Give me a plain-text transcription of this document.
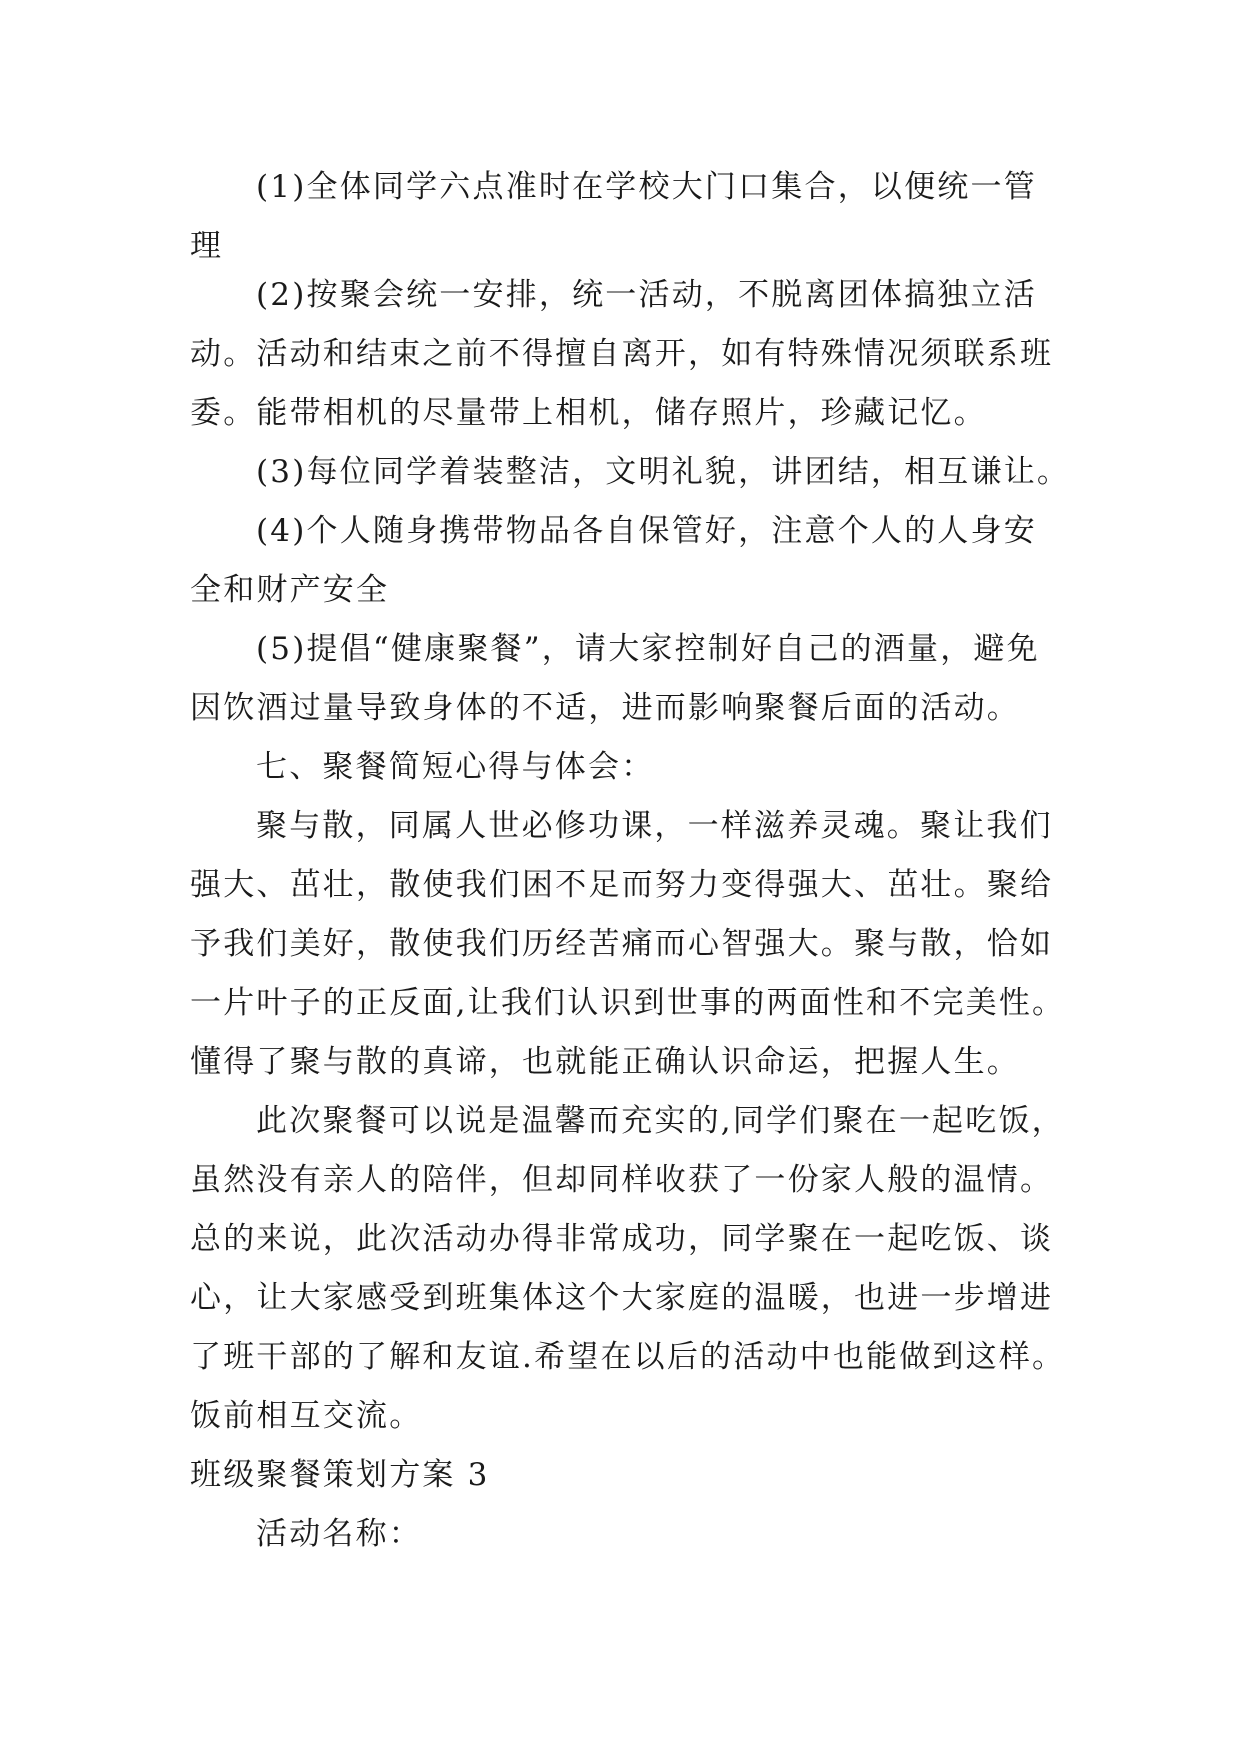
(1)全体同学六点准时在学校大门口集合，以便统一管
理
(2)按聚会统一安排，统一活动，不脱离团体搞独立活
动。活动和结束之前不得擅自离开，如有特殊情况须联系班
委。能带相机的尽量带上相机，储存照片，珍藏记忆。
(3)每位同学着装整洁，文明礼貌，讲团结，相互谦让。
(4)个人随身携带物品各自保管好，注意个人的人身安
全和财产安全
(5)提倡“健康聚餐”，请大家控制好自己的酒量，避免
因饮酒过量导致身体的不适，进而影响聚餐后面的活动。
七、聚餐简短心得与体会：
聚与散，同属人世必修功课，一样滋养灵魂。聚让我们
强大、茁壮，散使我们困不足而努力变得强大、茁壮。聚给
予我们美好，散使我们历经苦痛而心智强大。聚与散，恰如
一片叶子的正反面,让我们认识到世事的两面性和不完美性。
懂得了聚与散的真谛，也就能正确认识命运，把握人生。
此次聚餐可以说是温馨而充实的,同学们聚在一起吃饭，
虽然没有亲人的陪伴，但却同样收获了一份家人般的温情。
总的来说，此次活动办得非常成功，同学聚在一起吃饭、谈
心，让大家感受到班集体这个大家庭的温暖，也进一步增进
了班干部的了解和友谊.希望在以后的活动中也能做到这样。
饭前相互交流。
班级聚餐策划方案 3
活动名称：
